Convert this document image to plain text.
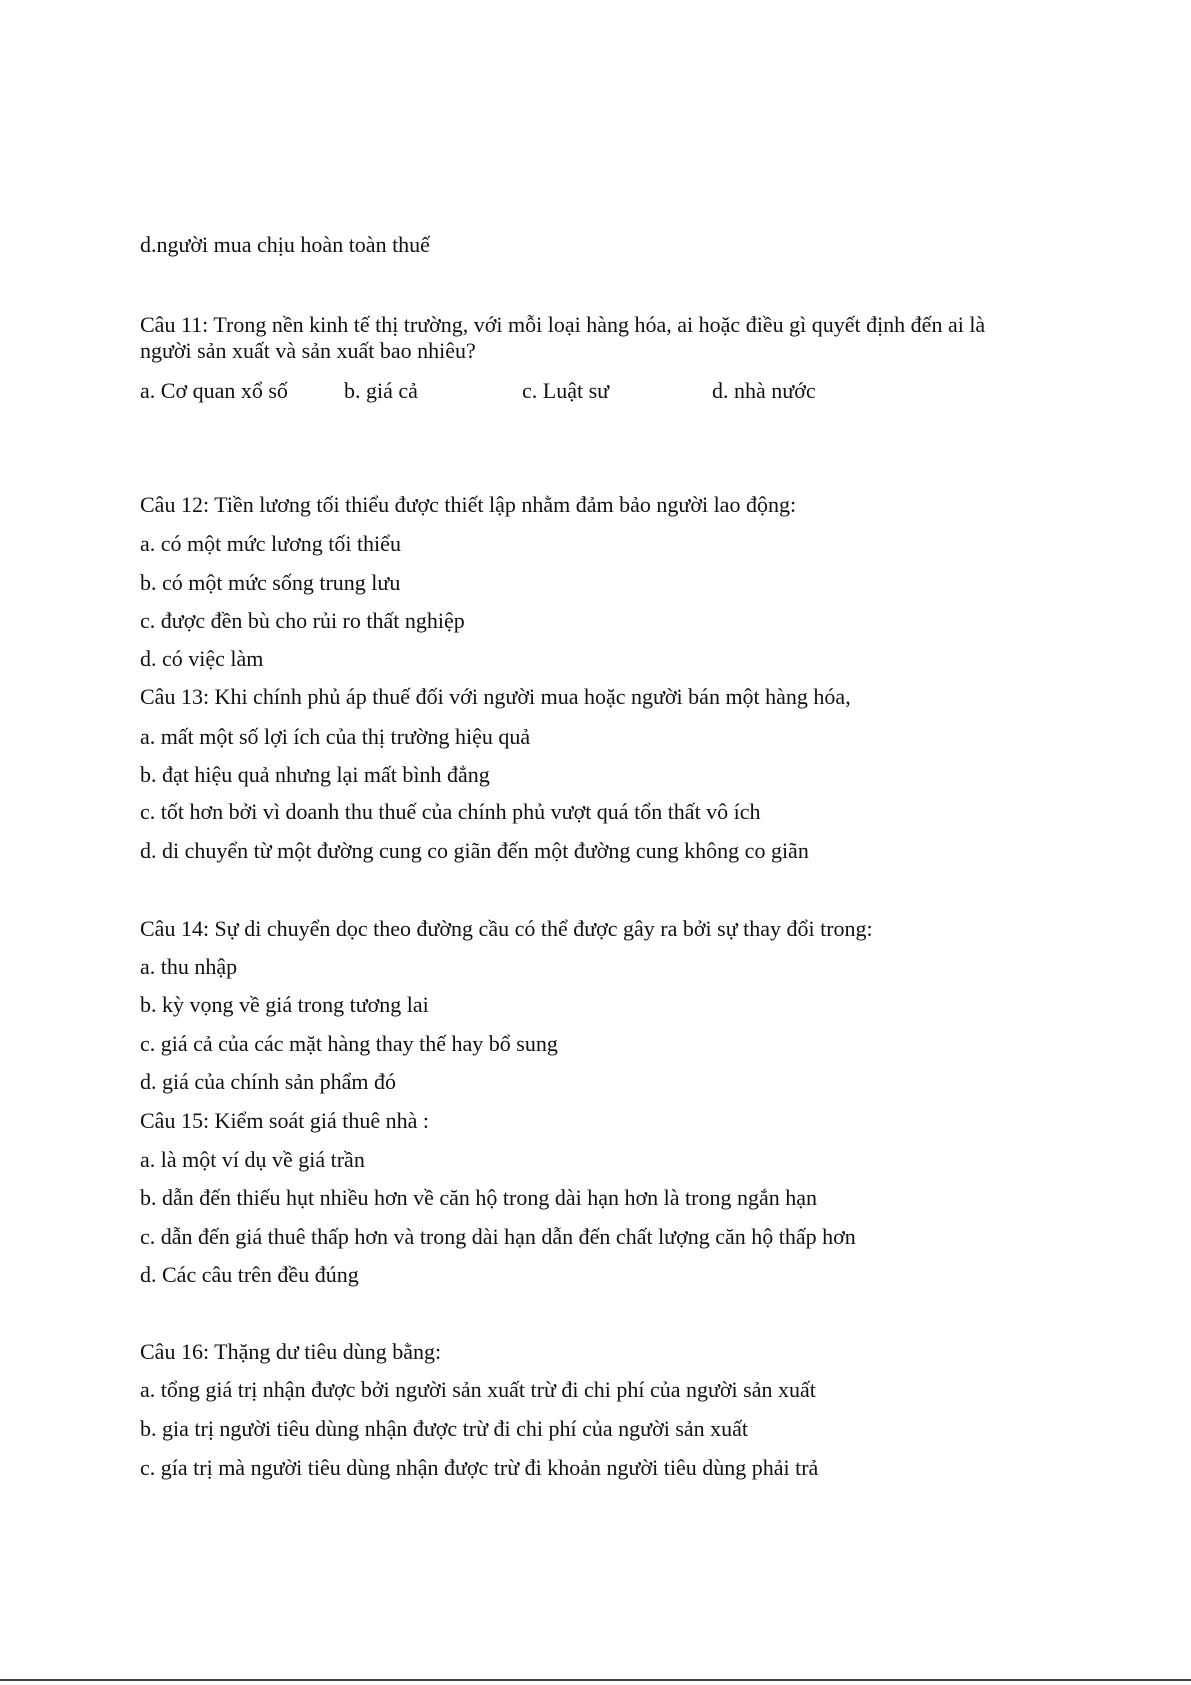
d.người mua chịu hoàn toàn thuế
Câu 11: Trong nền kinh tế thị trường, với mỗi loại hàng hóa, ai hoặc điều gì quyết định đến ai là
người sản xuất và sản xuất bao nhiêu?
a. Cơ quan xổ số	b. giá cả	c. Luật sư	d. nhà nước
Câu 12: Tiền lương tối thiểu được thiết lập nhằm đảm bảo người lao động:
a. có một mức lương tối thiểu
b. có một mức sống trung lưu
c. được đền bù cho rủi ro thất nghiệp
d. có việc làm
Câu 13: Khi chính phủ áp thuế đối với người mua hoặc người bán một hàng hóa,
a. mất một số lợi ích của thị trường hiệu quả
b. đạt hiệu quả nhưng lại mất bình đẳng
c. tốt hơn bởi vì doanh thu thuế của chính phủ vượt quá tổn thất vô ích
d. di chuyển từ một đường cung co giãn đến một đường cung không co giãn
Câu 14: Sự di chuyển dọc theo đường cầu có thể được gây ra bởi sự thay đổi trong:
a. thu nhập
b. kỳ vọng về giá trong tương lai
c. giá cả của các mặt hàng thay thế hay bổ sung
d. giá của chính sản phẩm đó
Câu 15: Kiểm soát giá thuê nhà :
a. là một ví dụ về giá trần
b. dẫn đến thiếu hụt nhiều hơn về căn hộ trong dài hạn hơn là trong ngắn hạn
c. dẫn đến giá thuê thấp hơn và trong dài hạn dẫn đến chất lượng căn hộ thấp hơn
d. Các câu trên đều đúng
Câu 16: Thặng dư tiêu dùng bằng:
a. tổng giá trị nhận được bởi người sản xuất trừ đi chi phí của người sản xuất
b. gia trị người tiêu dùng nhận được trừ đi chi phí của người sản xuất
c. gía trị mà người tiêu dùng nhận được trừ đi khoản người tiêu dùng phải trả
